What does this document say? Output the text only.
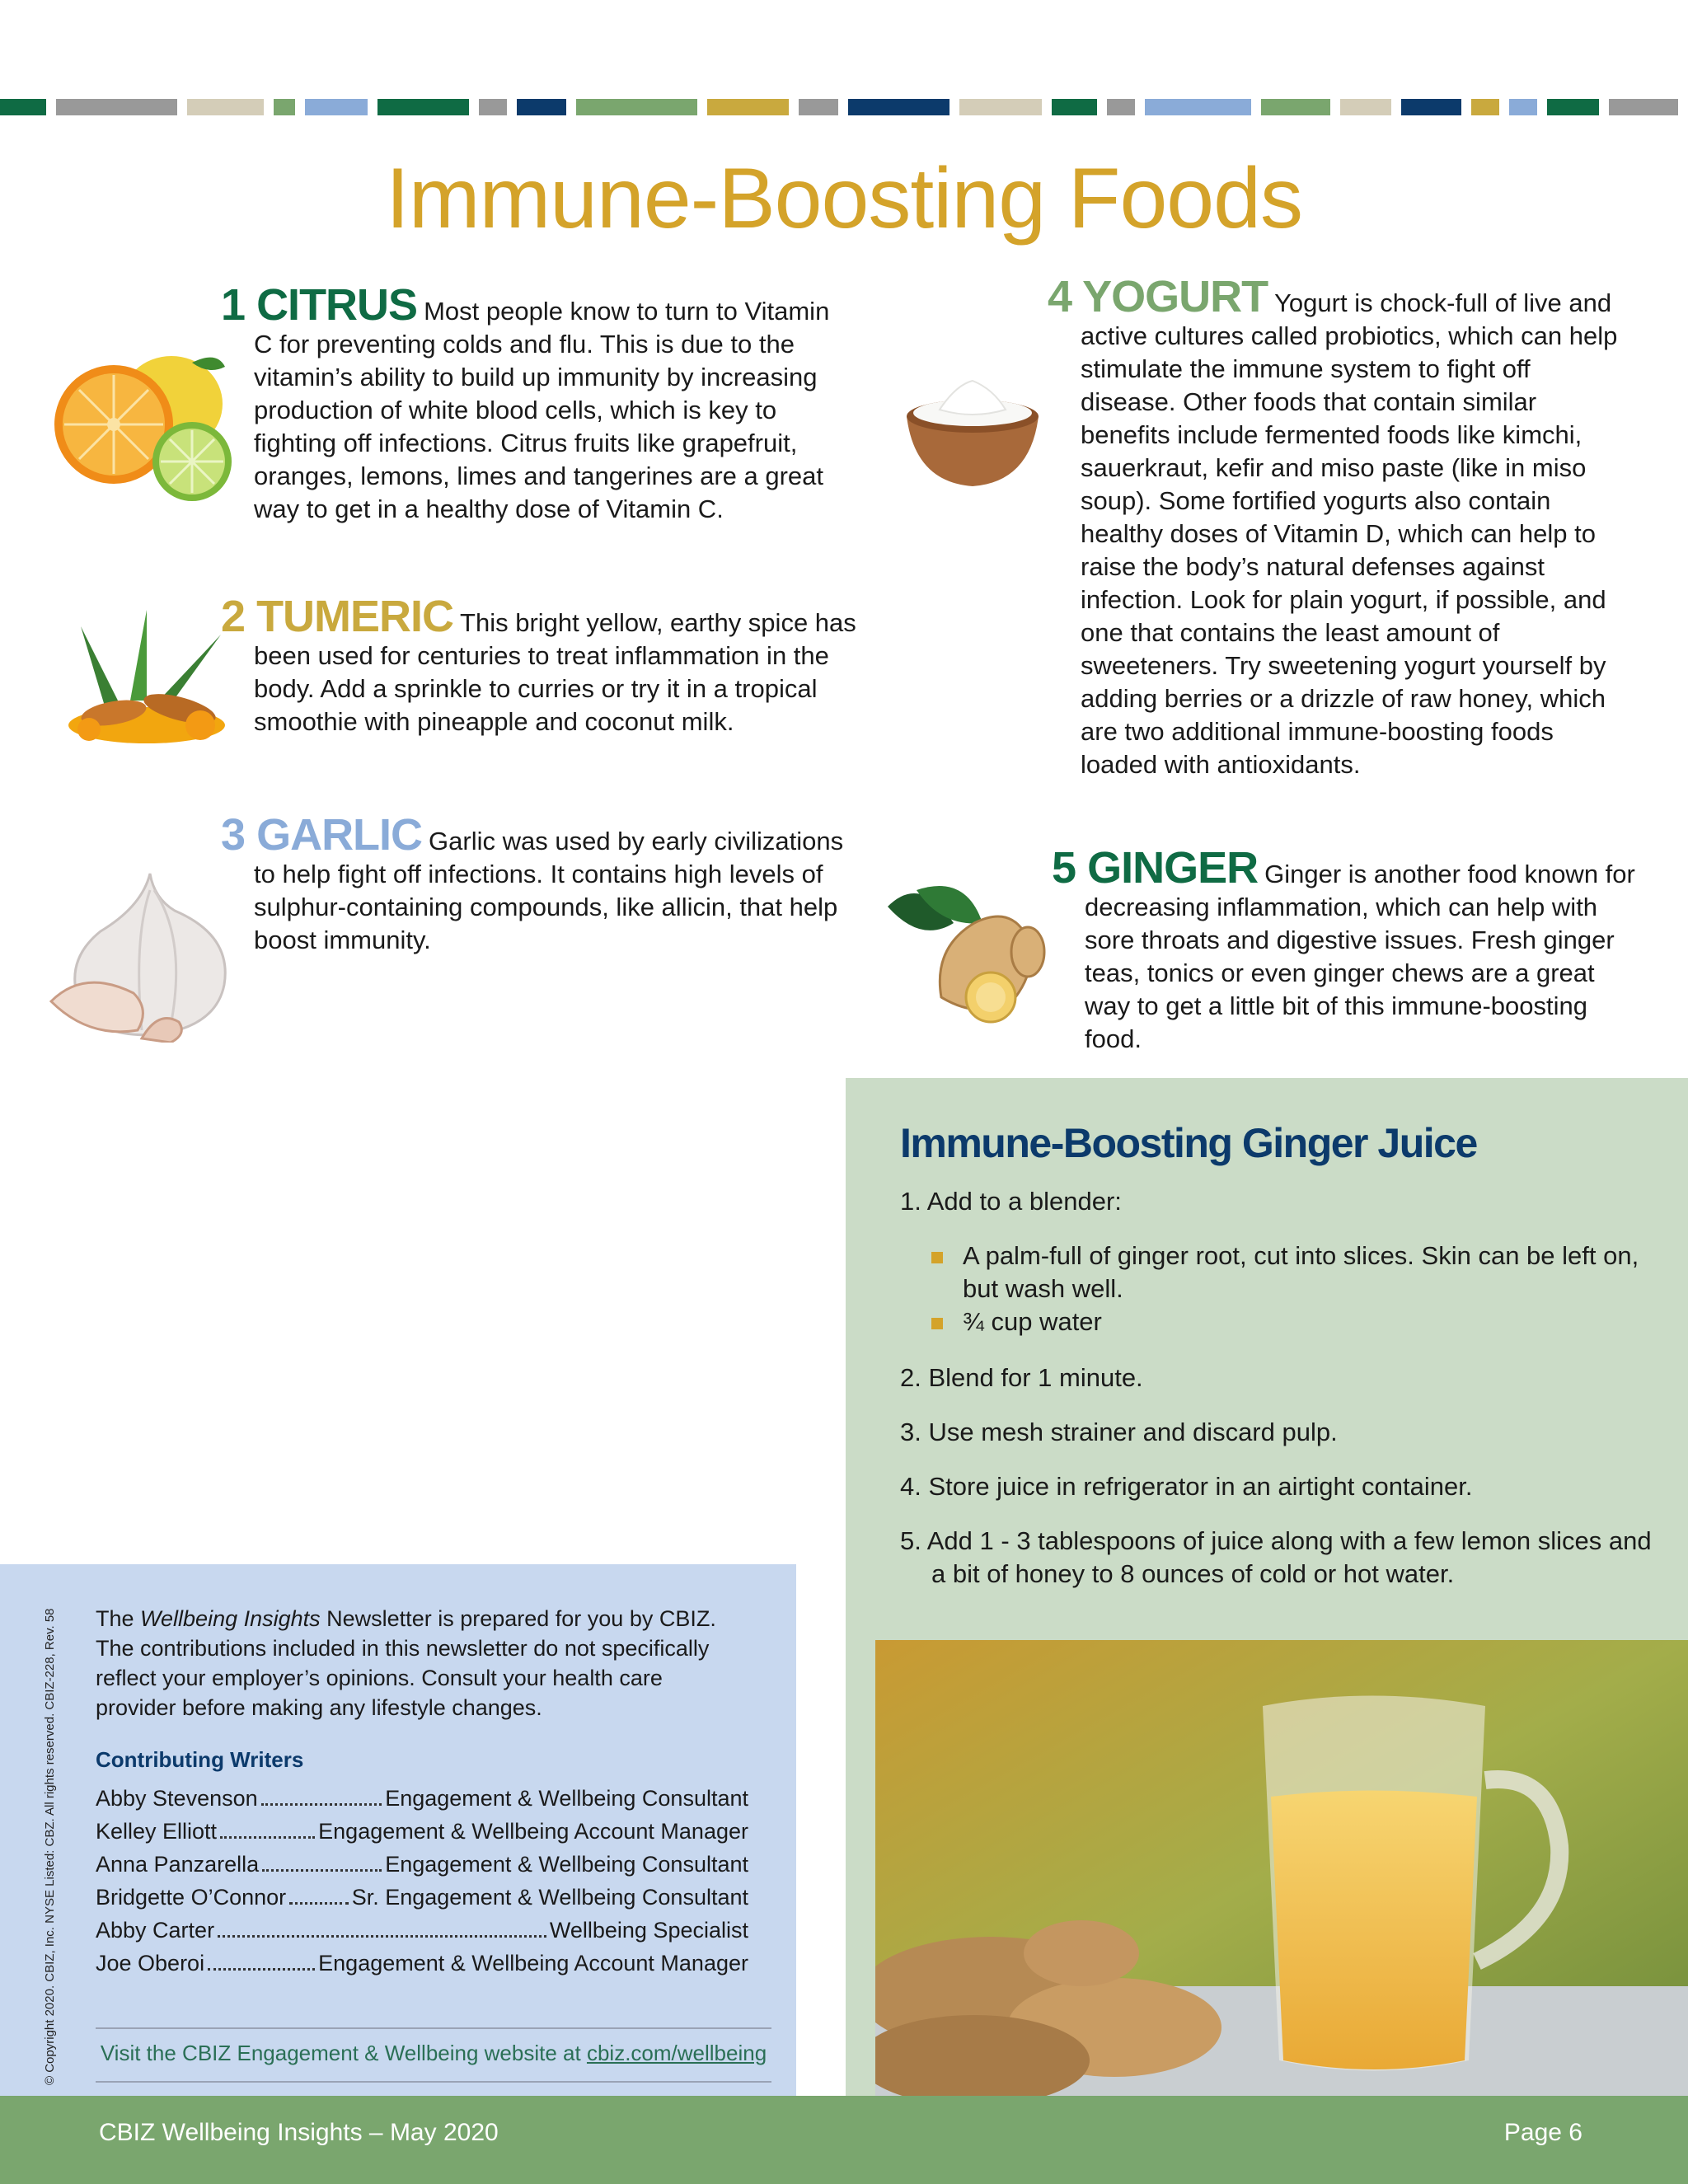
Immune-Boosting Foods
1 CITRUS Most people know to turn to Vitamin C for preventing colds and flu. This is due to the vitamin’s ability to build up immunity by increasing production of white blood cells, which is key to fighting off infections. Citrus fruits like grapefruit, oranges, lemons, limes and tangerines are a great way to get in a healthy dose of Vitamin C.
2 TUMERIC This bright yellow, earthy spice has been used for centuries to treat inflammation in the body. Add a sprinkle to curries or try it in a tropical smoothie with pineapple and coconut milk.
3 GARLIC Garlic was used by early civilizations to help fight off infections. It contains high levels of sulphur-containing compounds, like allicin, that help boost immunity.
4 YOGURT Yogurt is chock-full of live and active cultures called probiotics, which can help stimulate the immune system to fight off disease. Other foods that contain similar benefits include fermented foods like kimchi, sauerkraut, kefir and miso paste (like in miso soup). Some fortified yogurts also contain healthy doses of Vitamin D, which can help to raise the body’s natural defenses against infection. Look for plain yogurt, if possible, and one that contains the least amount of sweeteners. Try sweetening yogurt yourself by adding berries or a drizzle of raw honey, which are two additional immune-boosting foods loaded with antioxidants.
5 GINGER Ginger is another food known for decreasing inflammation, which can help with sore throats and digestive issues. Fresh ginger teas, tonics or even ginger chews are a great way to get a little bit of this immune-boosting food.
Immune-Boosting Ginger Juice
1. Add to a blender:
A palm-full of ginger root, cut into slices. Skin can be left on, but wash well.
¾ cup water
2. Blend for 1 minute.
3. Use mesh strainer and discard pulp.
4. Store juice in refrigerator in an airtight container.
5. Add 1 - 3 tablespoons of juice along with a few lemon slices and a bit of honey to 8 ounces of cold or hot water.
The Wellbeing Insights Newsletter is prepared for you by CBIZ. The contributions included in this newsletter do not specifically reflect your employer’s opinions. Consult your health care provider before making any lifestyle changes.
Contributing Writers
Abby Stevenson	Engagement & Wellbeing Consultant
Kelley Elliott	Engagement & Wellbeing Account Manager
Anna Panzarella	Engagement & Wellbeing Consultant
Bridgette O’Connor	Sr. Engagement & Wellbeing Consultant
Abby Carter	Wellbeing Specialist
Joe Oberoi	Engagement & Wellbeing Account Manager
Visit the CBIZ Engagement & Wellbeing website at cbiz.com/wellbeing
© Copyright 2020. CBIZ, Inc. NYSE Listed: CBZ. All rights reserved. CBIZ-228, Rev. 58
CBIZ Wellbeing Insights – May 2020	Page 6
